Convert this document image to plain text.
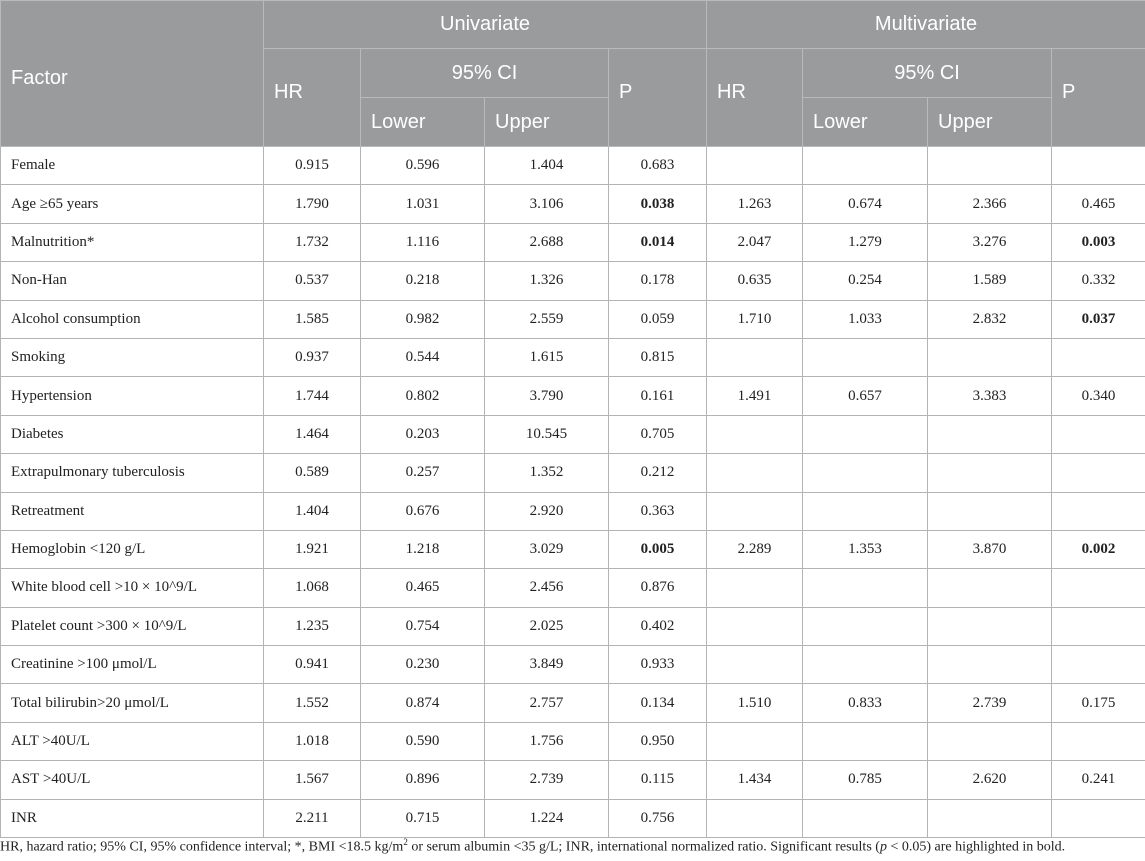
Factor	Univariate				Multivariate			
	HR	95% CI		P	HR	95% CI		P
		Lower	Upper			Lower	Upper	
Female	0.915	0.596	1.404	0.683				
Age ≥65 years	1.790	1.031	3.106	0.038	1.263	0.674	2.366	0.465
Malnutrition*	1.732	1.116	2.688	0.014	2.047	1.279	3.276	0.003
Non-Han	0.537	0.218	1.326	0.178	0.635	0.254	1.589	0.332
Alcohol consumption	1.585	0.982	2.559	0.059	1.710	1.033	2.832	0.037
Smoking	0.937	0.544	1.615	0.815				
Hypertension	1.744	0.802	3.790	0.161	1.491	0.657	3.383	0.340
Diabetes	1.464	0.203	10.545	0.705				
Extrapulmonary tuberculosis	0.589	0.257	1.352	0.212				
Retreatment	1.404	0.676	2.920	0.363				
Hemoglobin <120 g/L	1.921	1.218	3.029	0.005	2.289	1.353	3.870	0.002
White blood cell >10 × 10^9/L	1.068	0.465	2.456	0.876				
Platelet count >300 × 10^9/L	1.235	0.754	2.025	0.402				
Creatinine >100 μmol/L	0.941	0.230	3.849	0.933				
Total bilirubin>20 μmol/L	1.552	0.874	2.757	0.134	1.510	0.833	2.739	0.175
ALT >40U/L	1.018	0.590	1.756	0.950				
AST >40U/L	1.567	0.896	2.739	0.115	1.434	0.785	2.620	0.241
INR	2.211	0.715	1.224	0.756				
HR, hazard ratio; 95% CI, 95% confidence interval; *, BMI <18.5 $kg/m^2$ or serum albumin <35 g/L; INR, international normalized ratio. Significant results (p < 0.05) are highlighted in bold.
